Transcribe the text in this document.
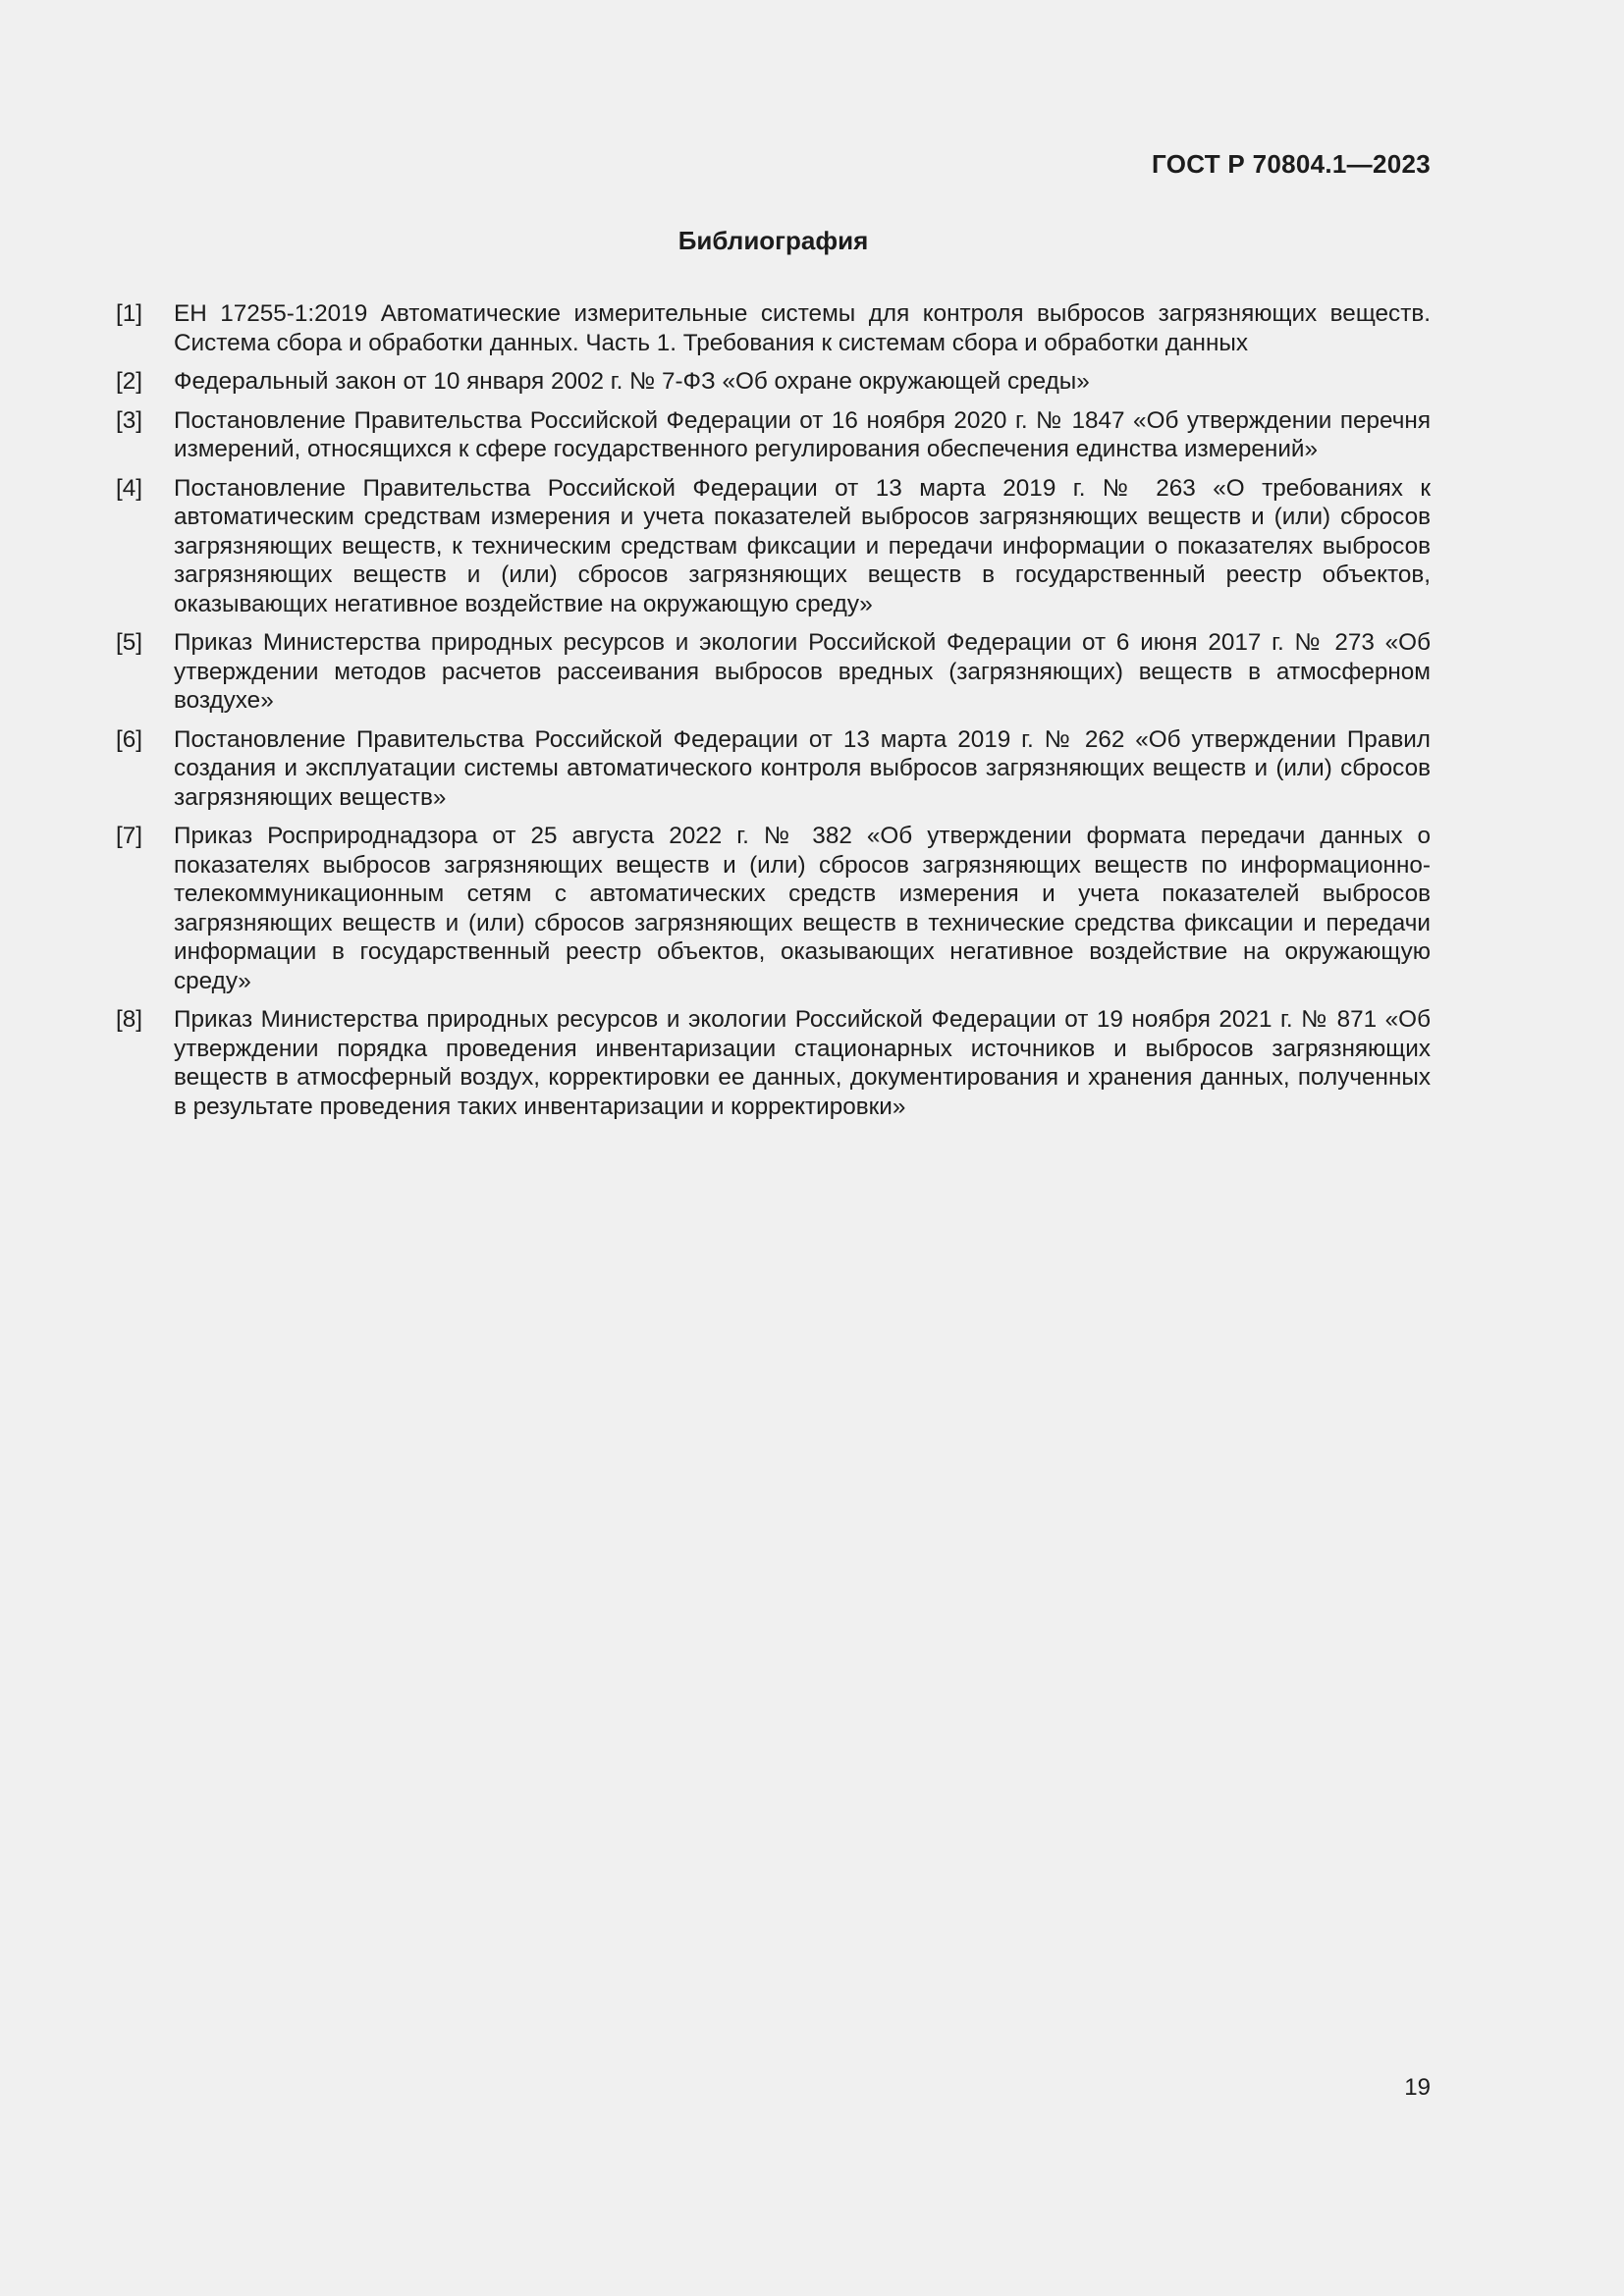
ГОСТ Р 70804.1—2023
Библиография
[1] ЕН 17255-1:2019 Автоматические измерительные системы для контроля выбросов загрязняющих веществ. Система сбора и обработки данных. Часть 1. Требования к системам сбора и обработки данных
[2] Федеральный закон от 10 января 2002 г. № 7-ФЗ «Об охране окружающей среды»
[3] Постановление Правительства Российской Федерации от 16 ноября 2020 г. № 1847 «Об утверждении перечня измерений, относящихся к сфере государственного регулирования обеспечения единства измерений»
[4] Постановление Правительства Российской Федерации от 13 марта 2019 г. № 263 «О требованиях к автоматическим средствам измерения и учета показателей выбросов загрязняющих веществ и (или) сбросов загрязняющих веществ, к техническим средствам фиксации и передачи информации о показателях выбросов загрязняющих веществ и (или) сбросов загрязняющих веществ в государственный реестр объектов, оказывающих негативное воздействие на окружающую среду»
[5] Приказ Министерства природных ресурсов и экологии Российской Федерации от 6 июня 2017 г. № 273 «Об утверждении методов расчетов рассеивания выбросов вредных (загрязняющих) веществ в атмосферном воздухе»
[6] Постановление Правительства Российской Федерации от 13 марта 2019 г. № 262 «Об утверждении Правил создания и эксплуатации системы автоматического контроля выбросов загрязняющих веществ и (или) сбросов загрязняющих веществ»
[7] Приказ Росприроднадзора от 25 августа 2022 г. № 382 «Об утверждении формата передачи данных о показателях выбросов загрязняющих веществ и (или) сбросов загрязняющих веществ по информационно-телекоммуникационным сетям с автоматических средств измерения и учета показателей выбросов загрязняющих веществ и (или) сбросов загрязняющих веществ в технические средства фиксации и передачи информации в государственный реестр объектов, оказывающих негативное воздействие на окружающую среду»
[8] Приказ Министерства природных ресурсов и экологии Российской Федерации от 19 ноября 2021 г. № 871 «Об утверждении порядка проведения инвентаризации стационарных источников и выбросов загрязняющих веществ в атмосферный воздух, корректировки ее данных, документирования и хранения данных, полученных в результате проведения таких инвентаризации и корректировки»
19
